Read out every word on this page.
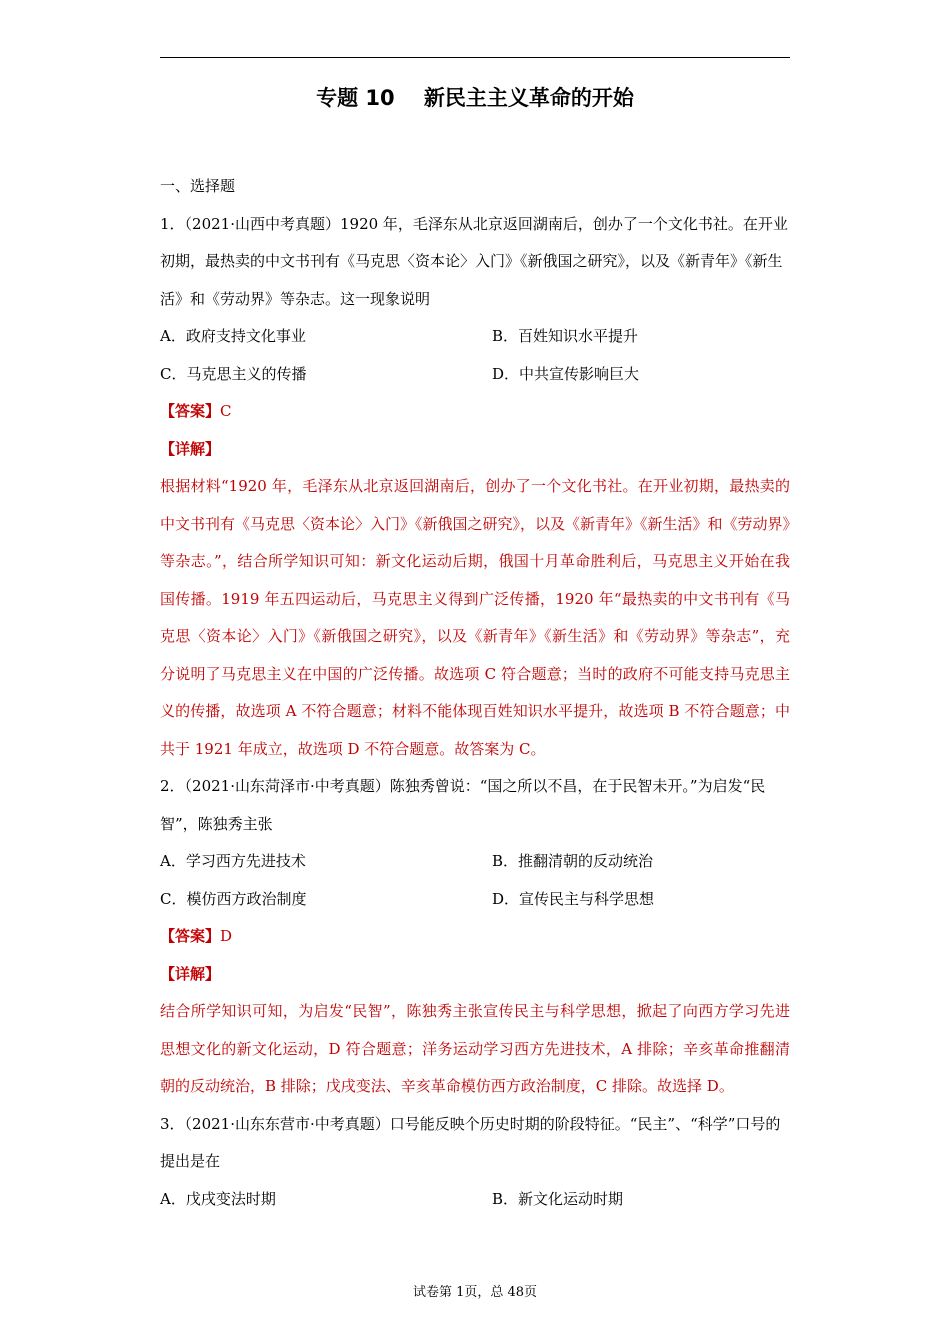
专题 10    新民主主义革命的开始

一、选择题

1．（2021·山西中考真题）1920 年，毛泽东从北京返回湖南后，创办了一个文化书社。在开业初期，最热卖的中文书刊有《马克思〈资本论〉入门》《新俄国之研究》，以及《新青年》《新生活》和《劳动界》等杂志。这一现象说明

A．政府支持文化事业	B．百姓知识水平提升
C．马克思主义的传播	D．中共宣传影响巨大

【答案】C

【详解】

根据材料“1920 年，毛泽东从北京返回湖南后，创办了一个文化书社。在开业初期，最热卖的中文书刊有《马克思〈资本论〉入门》《新俄国之研究》，以及《新青年》《新生活》和《劳动界》等杂志。”，结合所学知识可知：新文化运动后期，俄国十月革命胜利后，马克思主义开始在我国传播。1919 年五四运动后，马克思主义得到广泛传播，1920 年“最热卖的中文书刊有《马克思〈资本论〉入门》《新俄国之研究》，以及《新青年》《新生活》和《劳动界》等杂志”，充分说明了马克思主义在中国的广泛传播。故选项 C 符合题意；当时的政府不可能支持马克思主义的传播，故选项 A 不符合题意；材料不能体现百姓知识水平提升，故选项 B 不符合题意；中共于 1921 年成立，故选项 D 不符合题意。故答案为 C。

2．（2021·山东菏泽市·中考真题）陈独秀曾说：“国之所以不昌，在于民智未开。”为启发“民智”，陈独秀主张

A．学习西方先进技术	B．推翻清朝的反动统治
C．模仿西方政治制度	D．宣传民主与科学思想

【答案】D

【详解】

结合所学知识可知，为启发“民智”，陈独秀主张宣传民主与科学思想，掀起了向西方学习先进思想文化的新文化运动，D 符合题意；洋务运动学习西方先进技术，A 排除；辛亥革命推翻清朝的反动统治，B 排除；戊戌变法、辛亥革命模仿西方政治制度，C 排除。故选择 D。

3．（2021·山东东营市·中考真题）口号能反映个历史时期的阶段特征。“民主”、“科学”口号的提出是在

A．戊戌变法时期	B．新文化运动时期
试卷第 1页，总 48页
